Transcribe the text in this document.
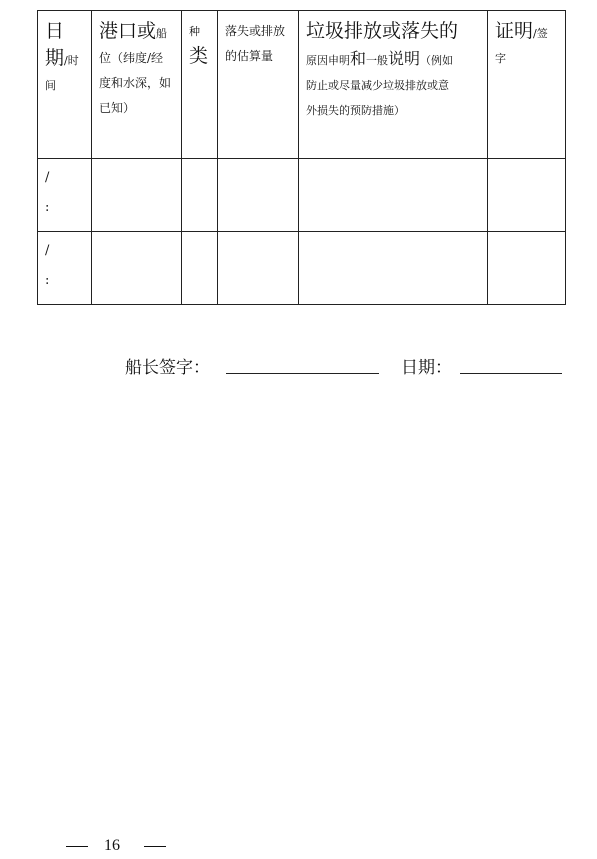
日
期/时
间	港口或船
位（纬度/经
度和水深，如
已知）	种
类	落失或排放
的估算量	垃圾排放或落失的
原因申明和一般说明（例如
防止或尽量减少垃圾排放或意
外损失的预防措施）	证明/签
字

/
:					

/
:					

船长签字：	日期：
16
